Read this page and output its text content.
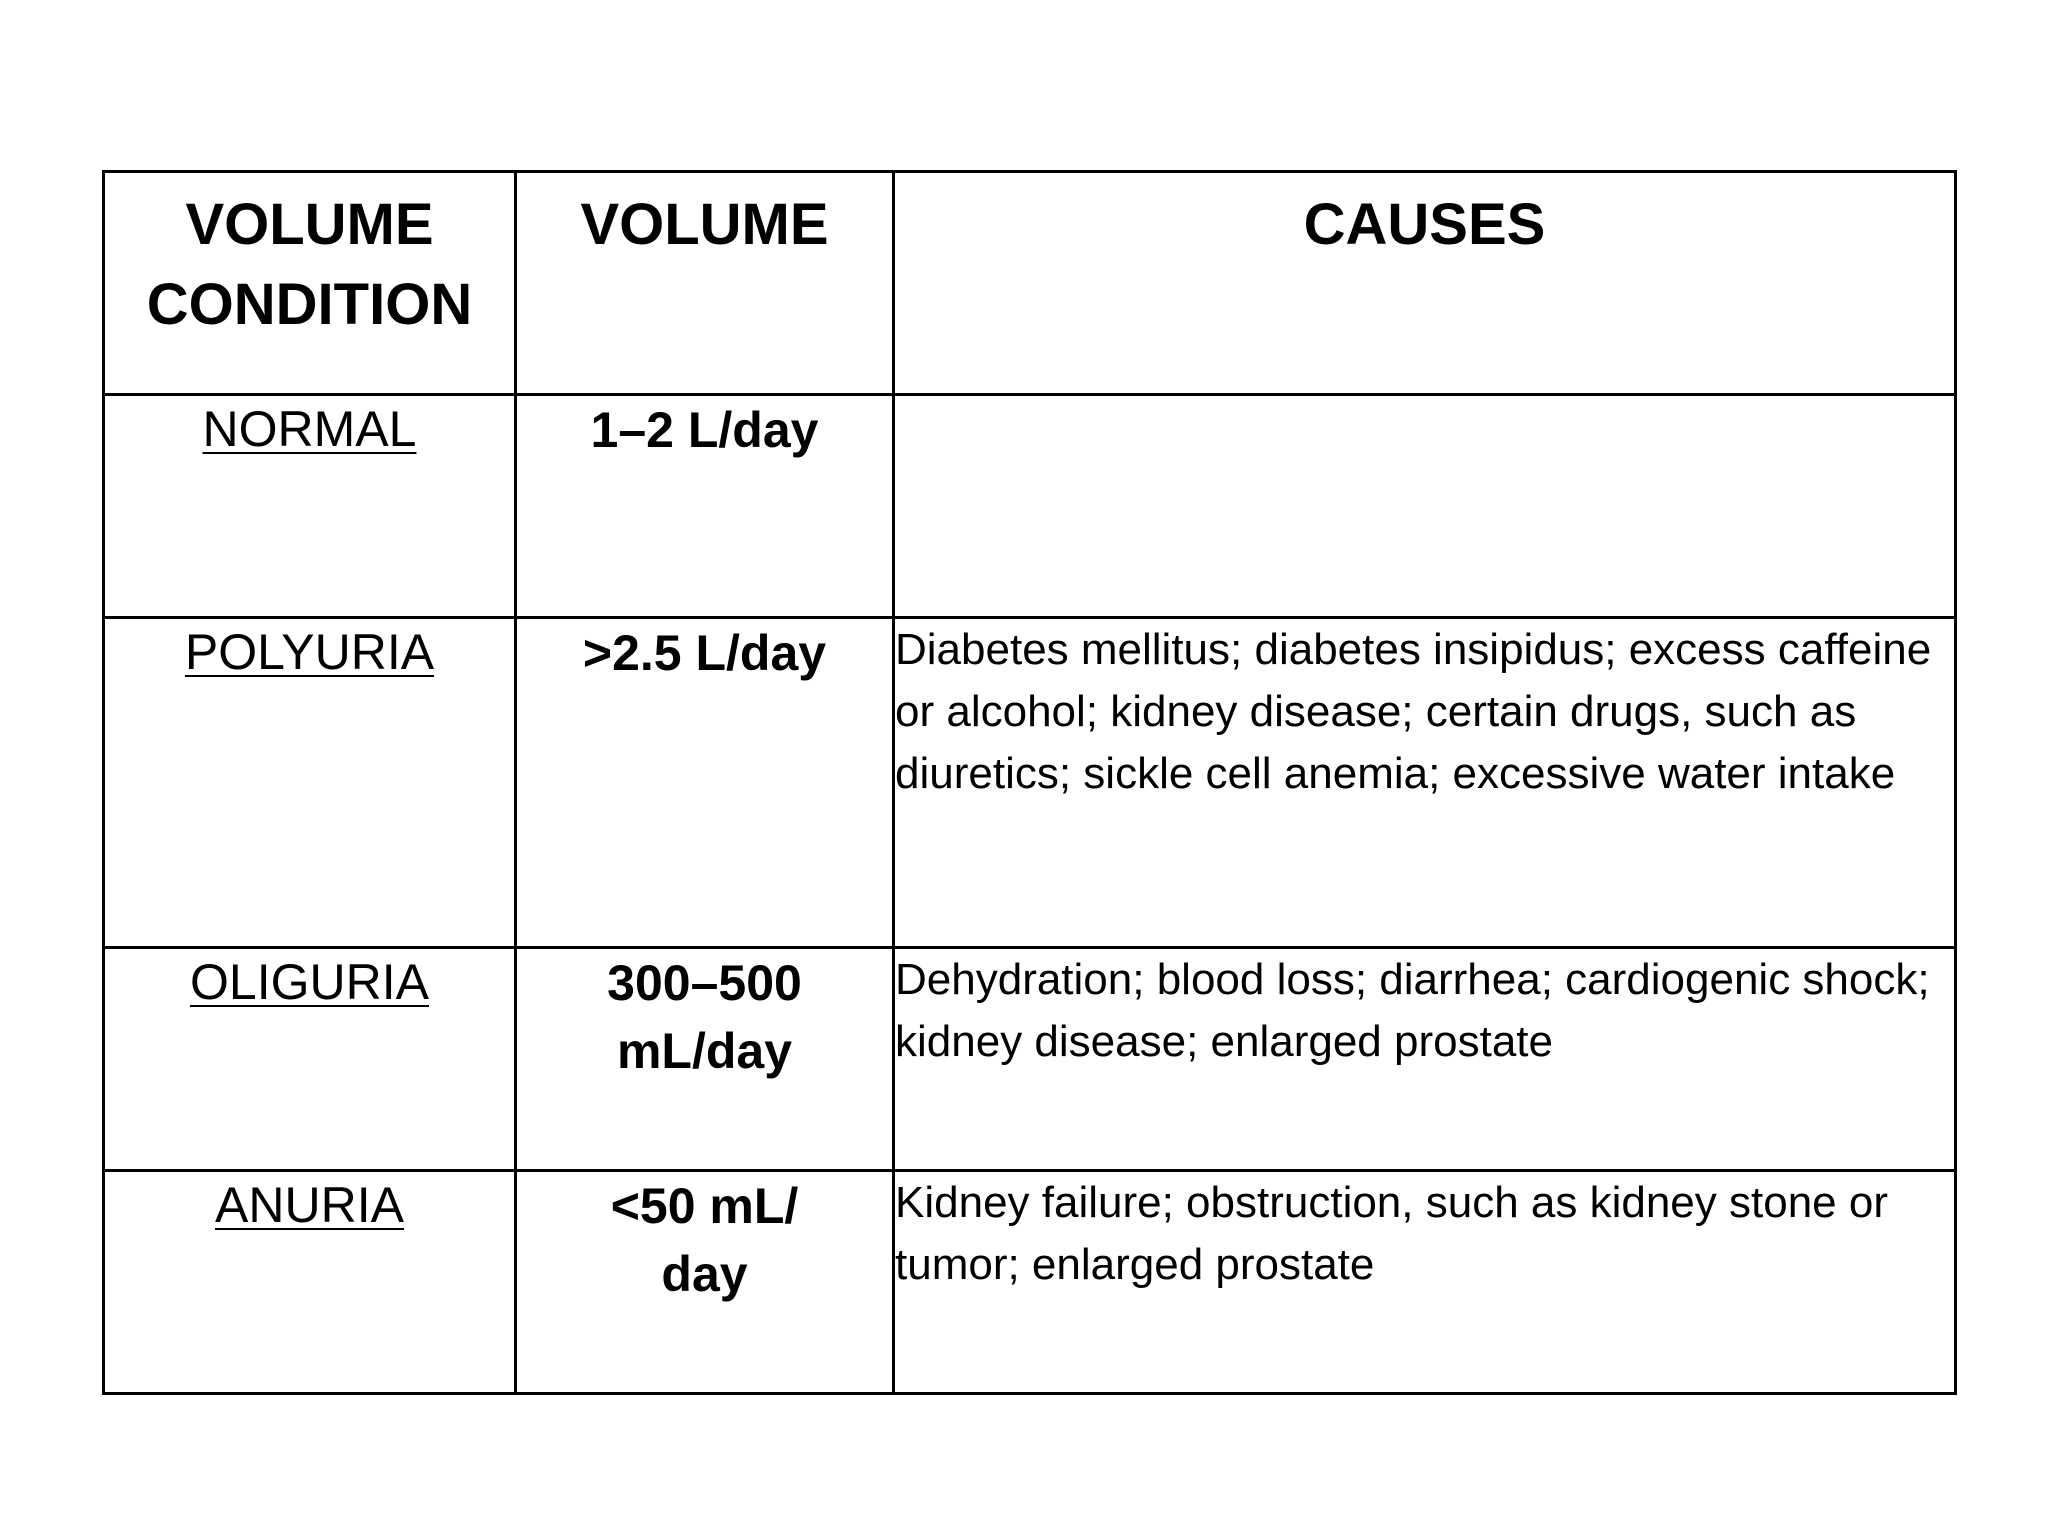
VOLUME CONDITION	VOLUME	CAUSES
NORMAL	1–2 L/day	
POLYURIA	>2.5 L/day	Diabetes mellitus; diabetes insipidus; excess caffeine or alcohol; kidney disease; certain drugs, such as diuretics; sickle cell anemia; excessive water intake
OLIGURIA	300–500 mL/day	Dehydration; blood loss; diarrhea; cardiogenic shock; kidney disease; enlarged prostate
ANURIA	<50 mL/ day	Kidney failure; obstruction, such as kidney stone or tumor; enlarged prostate
